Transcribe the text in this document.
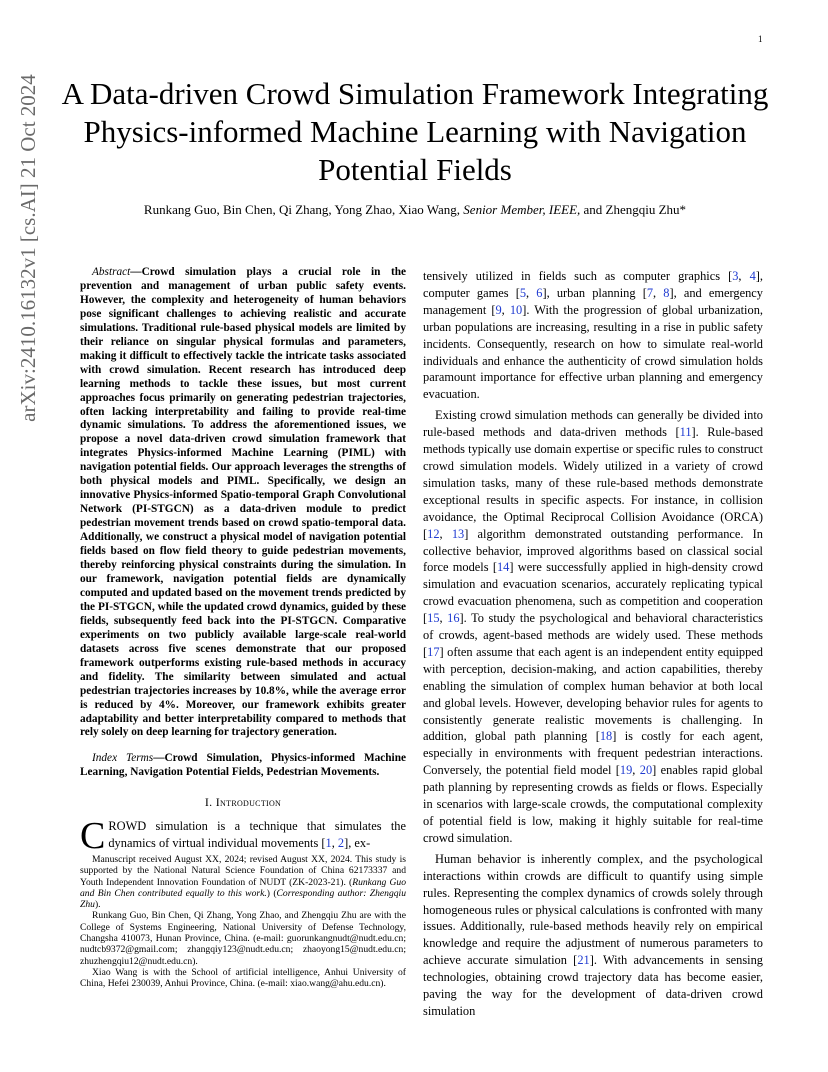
1
arXiv:2410.16132v1 [cs.AI] 21 Oct 2024 A Data-driven Crowd Simulation Framework Integrating Physics-informed Machine Learning with Navigation Potential Fields
Runkang Guo, Bin Chen, Qi Zhang, Yong Zhao, Xiao Wang, Senior Member, IEEE, and Zhengqiu Zhu*

Abstract—Crowd simulation plays a crucial role in the prevention and management of urban public safety events. However, the complexity and heterogeneity of human behaviors pose significant challenges to achieving realistic and accurate simulations. Traditional rule-based physical models are limited by their reliance on singular physical formulas and parameters, making it difficult to effectively tackle the intricate tasks associated with crowd simulation. Recent research has introduced deep learning methods to tackle these issues, but most current approaches focus primarily on generating pedestrian trajectories, often lacking interpretability and failing to provide real-time dynamic simulations. To address the aforementioned issues, we propose a novel data-driven crowd simulation framework that integrates Physics-informed Machine Learning (PIML) with navigation potential fields. Our approach leverages the strengths of both physical models and PIML. Specifically, we design an innovative Physics-informed Spatio-temporal Graph Convolutional Network (PI-STGCN) as a data-driven module to predict pedestrian movement trends based on crowd spatio-temporal data. Additionally, we construct a physical model of navigation potential fields based on flow field theory to guide pedestrian movements, thereby reinforcing physical constraints during the simulation. In our framework, navigation potential fields are dynamically computed and updated based on the movement trends predicted by the PI-STGCN, while the updated crowd dynamics, guided by these fields, subsequently feed back into the PI-STGCN. Comparative experiments on two publicly available large-scale real-world datasets across five scenes demonstrate that our proposed framework outperforms existing rule-based methods in accuracy and fidelity. The similarity between simulated and actual pedestrian trajectories increases by 10.8%, while the average error is reduced by 4%. Moreover, our framework exhibits greater adaptability and better interpretability compared to methods that rely solely on deep learning for trajectory generation.

Index Terms—Crowd Simulation, Physics-informed Machine Learning, Navigation Potential Fields, Pedestrian Movements.

I. Introduction

CROWD simulation is a technique that simulates the dynamics of virtual individual movements [1, 2], ex-

Manuscript received August XX, 2024; revised August XX, 2024. This study is supported by the National Natural Science Foundation of China 62173337 and Youth Independent Innovation Foundation of NUDT (ZK-2023-21). (Runkang Guo and Bin Chen contributed equally to this work.) (Corresponding author: Zhengqiu Zhu).

Runkang Guo, Bin Chen, Qi Zhang, Yong Zhao, and Zhengqiu Zhu are with the College of Systems Engineering, National University of Defense Technology, Changsha 410073, Hunan Province, China. (e-mail: guorunkangnudt@nudt.edu.cn; nudtcb9372@gmail.com; zhangqiy123@nudt.edu.cn; zhaoyong15@nudt.edu.cn; zhuzhengqiu12@nudt.edu.cn).

Xiao Wang is with the School of artificial intelligence, Anhui University of China, Hefei 230039, Anhui Province, China. (e-mail: xiao.wang@ahu.edu.cn).

tensively utilized in fields such as computer graphics [3, 4], computer games [5, 6], urban planning [7, 8], and emergency management [9, 10]. With the progression of global urbanization, urban populations are increasing, resulting in a rise in public safety incidents. Consequently, research on how to simulate real-world individuals and enhance the authenticity of crowd simulation holds paramount importance for effective urban planning and emergency evacuation.

Existing crowd simulation methods can generally be divided into rule-based methods and data-driven methods [11]. Rule-based methods typically use domain expertise or specific rules to construct crowd simulation models. Widely utilized in a variety of crowd simulation tasks, many of these rule-based methods demonstrate exceptional results in specific aspects. For instance, in collision avoidance, the Optimal Reciprocal Collision Avoidance (ORCA) [12, 13] algorithm demonstrated outstanding performance. In collective behavior, improved algorithms based on classical social force models [14] were successfully applied in high-density crowd simulation and evacuation scenarios, accurately replicating typical crowd evacuation phenomena, such as competition and cooperation [15, 16]. To study the psychological and behavioral characteristics of crowds, agent-based methods are widely used. These methods [17] often assume that each agent is an independent entity equipped with perception, decision-making, and action capabilities, thereby enabling the simulation of complex human behavior at both local and global levels. However, developing behavior rules for agents to consistently generate realistic movements is challenging. In addition, global path planning [18] is costly for each agent, especially in environments with frequent pedestrian interactions. Conversely, the potential field model [19, 20] enables rapid global path planning by representing crowds as fields or flows. Especially in scenarios with large-scale crowds, the computational complexity of potential field is low, making it highly suitable for real-time crowd simulation.

Human behavior is inherently complex, and the psychological interactions within crowds are difficult to quantify using simple rules. Representing the complex dynamics of crowds solely through homogeneous rules or physical calculations is confronted with many issues. Additionally, rule-based methods heavily rely on empirical knowledge and require the adjustment of numerous parameters to achieve accurate simulation [21]. With advancements in sensing technologies, obtaining crowd trajectory data has become easier, paving the way for the development of data-driven crowd simulation
